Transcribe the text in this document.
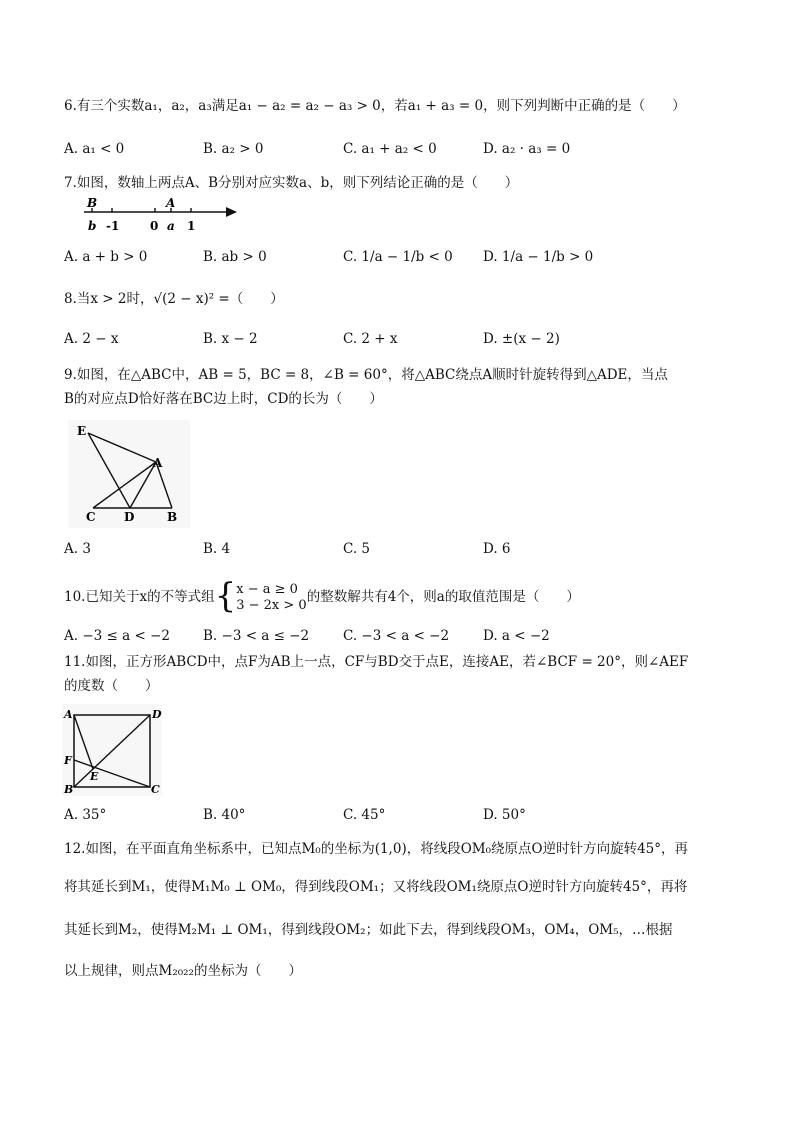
6.有三个实数a₁，a₂，a₃满足a₁ − a₂ = a₂ − a₃ > 0，若a₁ + a₃ = 0，则下列判断中正确的是（　　）
A. a₁ < 0	B. a₂ > 0	C. a₁ + a₂ < 0	D. a₂ · a₃ = 0
7.如图，数轴上两点A、B分别对应实数a、b，则下列结论正确的是（　　）
B	A
b -1	0 a 1
A. a + b > 0	B. ab > 0	C. 1/a − 1/b < 0 D. 1/a − 1/b > 0
8.当x > 2时，√(2 − x)² =（　　）
A. 2 − x	B. x − 2	C. 2 + x	D. ±(x − 2)
9.如图，在△ABC中，AB = 5，BC = 8，∠B = 60°，将△ABC绕点A顺时针旋转得到△ADE，当点
B的对应点D恰好落在BC边上时，CD的长为（　　）
E
A
C D	B
A. 3	B. 4	C. 5	D. 6
10.已知关于x的不等式组{ x − a ≥ 0
3 − 2x > 0 的整数解共有4个，则a的取值范围是（　　）
A. −3 ≤ a < −2 B. −3 < a ≤ −2	C. −3 < a < −2	D. a < −2
11.如图，正方形ABCD中，点F为AB上一点，CF与BD交于点E，连接AE，若∠BCF = 20°，则∠AEF
的度数（　　）
A	D
F
E
B	C
A. 35°	B. 40°	C. 45°	D. 50°
12.如图，在平面直角坐标系中，已知点M₀的坐标为(1,0)，将线段OM₀绕原点O逆时针方向旋转45°，再
将其延长到M₁，使得M₁M₀ ⊥ OM₀，得到线段OM₁；又将线段OM₁绕原点O逆时针方向旋转45°，再将
其延长到M₂，使得M₂M₁ ⊥ OM₁，得到线段OM₂；如此下去，得到线段OM₃，OM₄，OM₅，…根据
以上规律，则点M₂₀₂₂的坐标为（　　）
